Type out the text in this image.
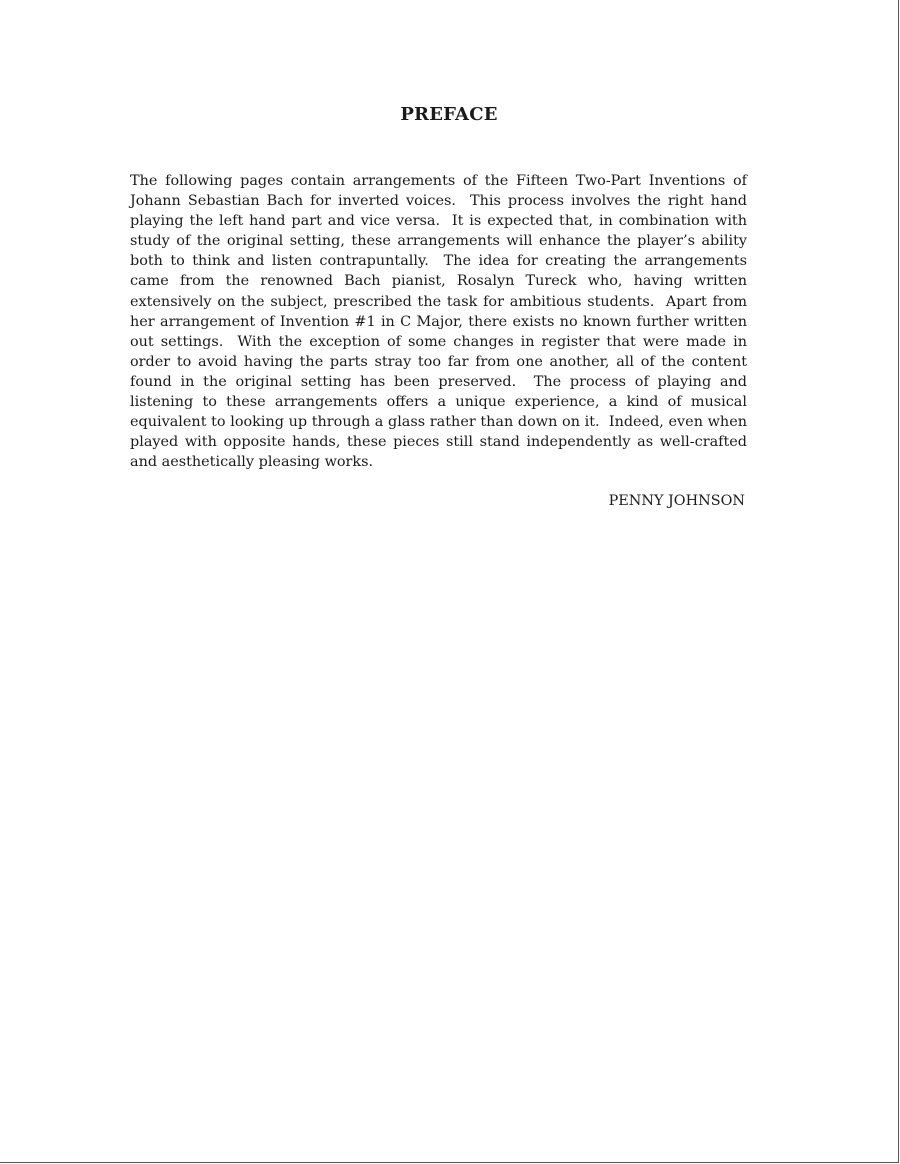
PREFACE

The following pages contain arrangements of the Fifteen Two-Part Inventions of Johann Sebastian Bach for inverted voices.  This process involves the right hand playing the left hand part and vice versa.  It is expected that, in combination with study of the original setting, these arrangements will enhance the player’s ability both to think and listen contrapuntally.  The idea for creating the arrangements came from the renowned Bach pianist, Rosalyn Tureck who, having written extensively on the subject, prescribed the task for ambitious students.  Apart from her arrangement of Invention #1 in C Major, there exists no known further written out settings.  With the exception of some changes in register that were made in order to avoid having the parts stray too far from one another, all of the content found in the original setting has been preserved.  The process of playing and listening to these arrangements offers a unique experience, a kind of musical equivalent to looking up through a glass rather than down on it.  Indeed, even when played with opposite hands, these pieces still stand independently as well-crafted and aesthetically pleasing works.

PENNY JOHNSON
